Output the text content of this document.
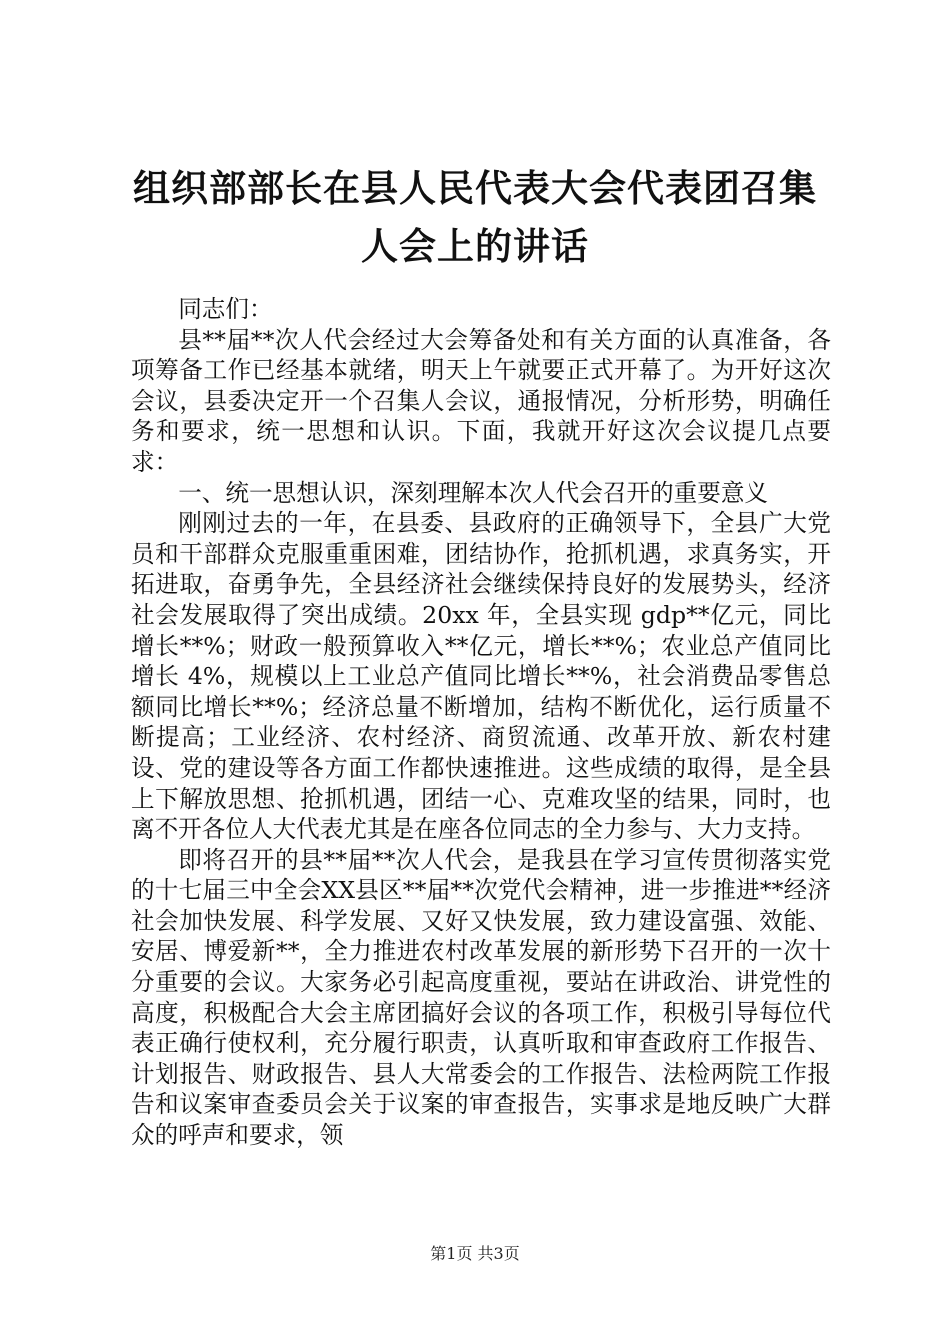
组织部部长在县人民代表大会代表团召集人会上的讲话

同志们：

县**届**次人代会经过大会筹备处和有关方面的认真准备，各项筹备工作已经基本就绪，明天上午就要正式开幕了。为开好这次会议，县委决定开一个召集人会议，通报情况，分析形势，明确任务和要求，统一思想和认识。下面，我就开好这次会议提几点要求：

一、统一思想认识，深刻理解本次人代会召开的重要意义

刚刚过去的一年，在县委、县政府的正确领导下，全县广大党员和干部群众克服重重困难，团结协作，抢抓机遇，求真务实，开拓进取，奋勇争先，全县经济社会继续保持良好的发展势头，经济社会发展取得了突出成绩。20xx 年，全县实现 gdp**亿元，同比增长**%；财政一般预算收入**亿元，增长**%；农业总产值同比增长 4%，规模以上工业总产值同比增长**%，社会消费品零售总额同比增长**%；经济总量不断增加，结构不断优化，运行质量不断提高；工业经济、农村经济、商贸流通、改革开放、新农村建设、党的建设等各方面工作都快速推进。这些成绩的取得，是全县上下解放思想、抢抓机遇，团结一心、克难攻坚的结果，同时，也离不开各位人大代表尤其是在座各位同志的全力参与、大力支持。

即将召开的县**届**次人代会，是我县在学习宣传贯彻落实党的十七届三中全会XX县区**届**次党代会精神，进一步推进**经济社会加快发展、科学发展、又好又快发展，致力建设富强、效能、安居、博爱新**，全力推进农村改革发展的新形势下召开的一次十分重要的会议。大家务必引起高度重视，要站在讲政治、讲党性的高度，积极配合大会主席团搞好会议的各项工作，积极引导每位代表正确行使权利，充分履行职责，认真听取和审查政府工作报告、计划报告、财政报告、县人大常委会的工作报告、法检两院工作报告和议案审查委员会关于议案的审查报告，实事求是地反映广大群众的呼声和要求，领

第1页 共3页
